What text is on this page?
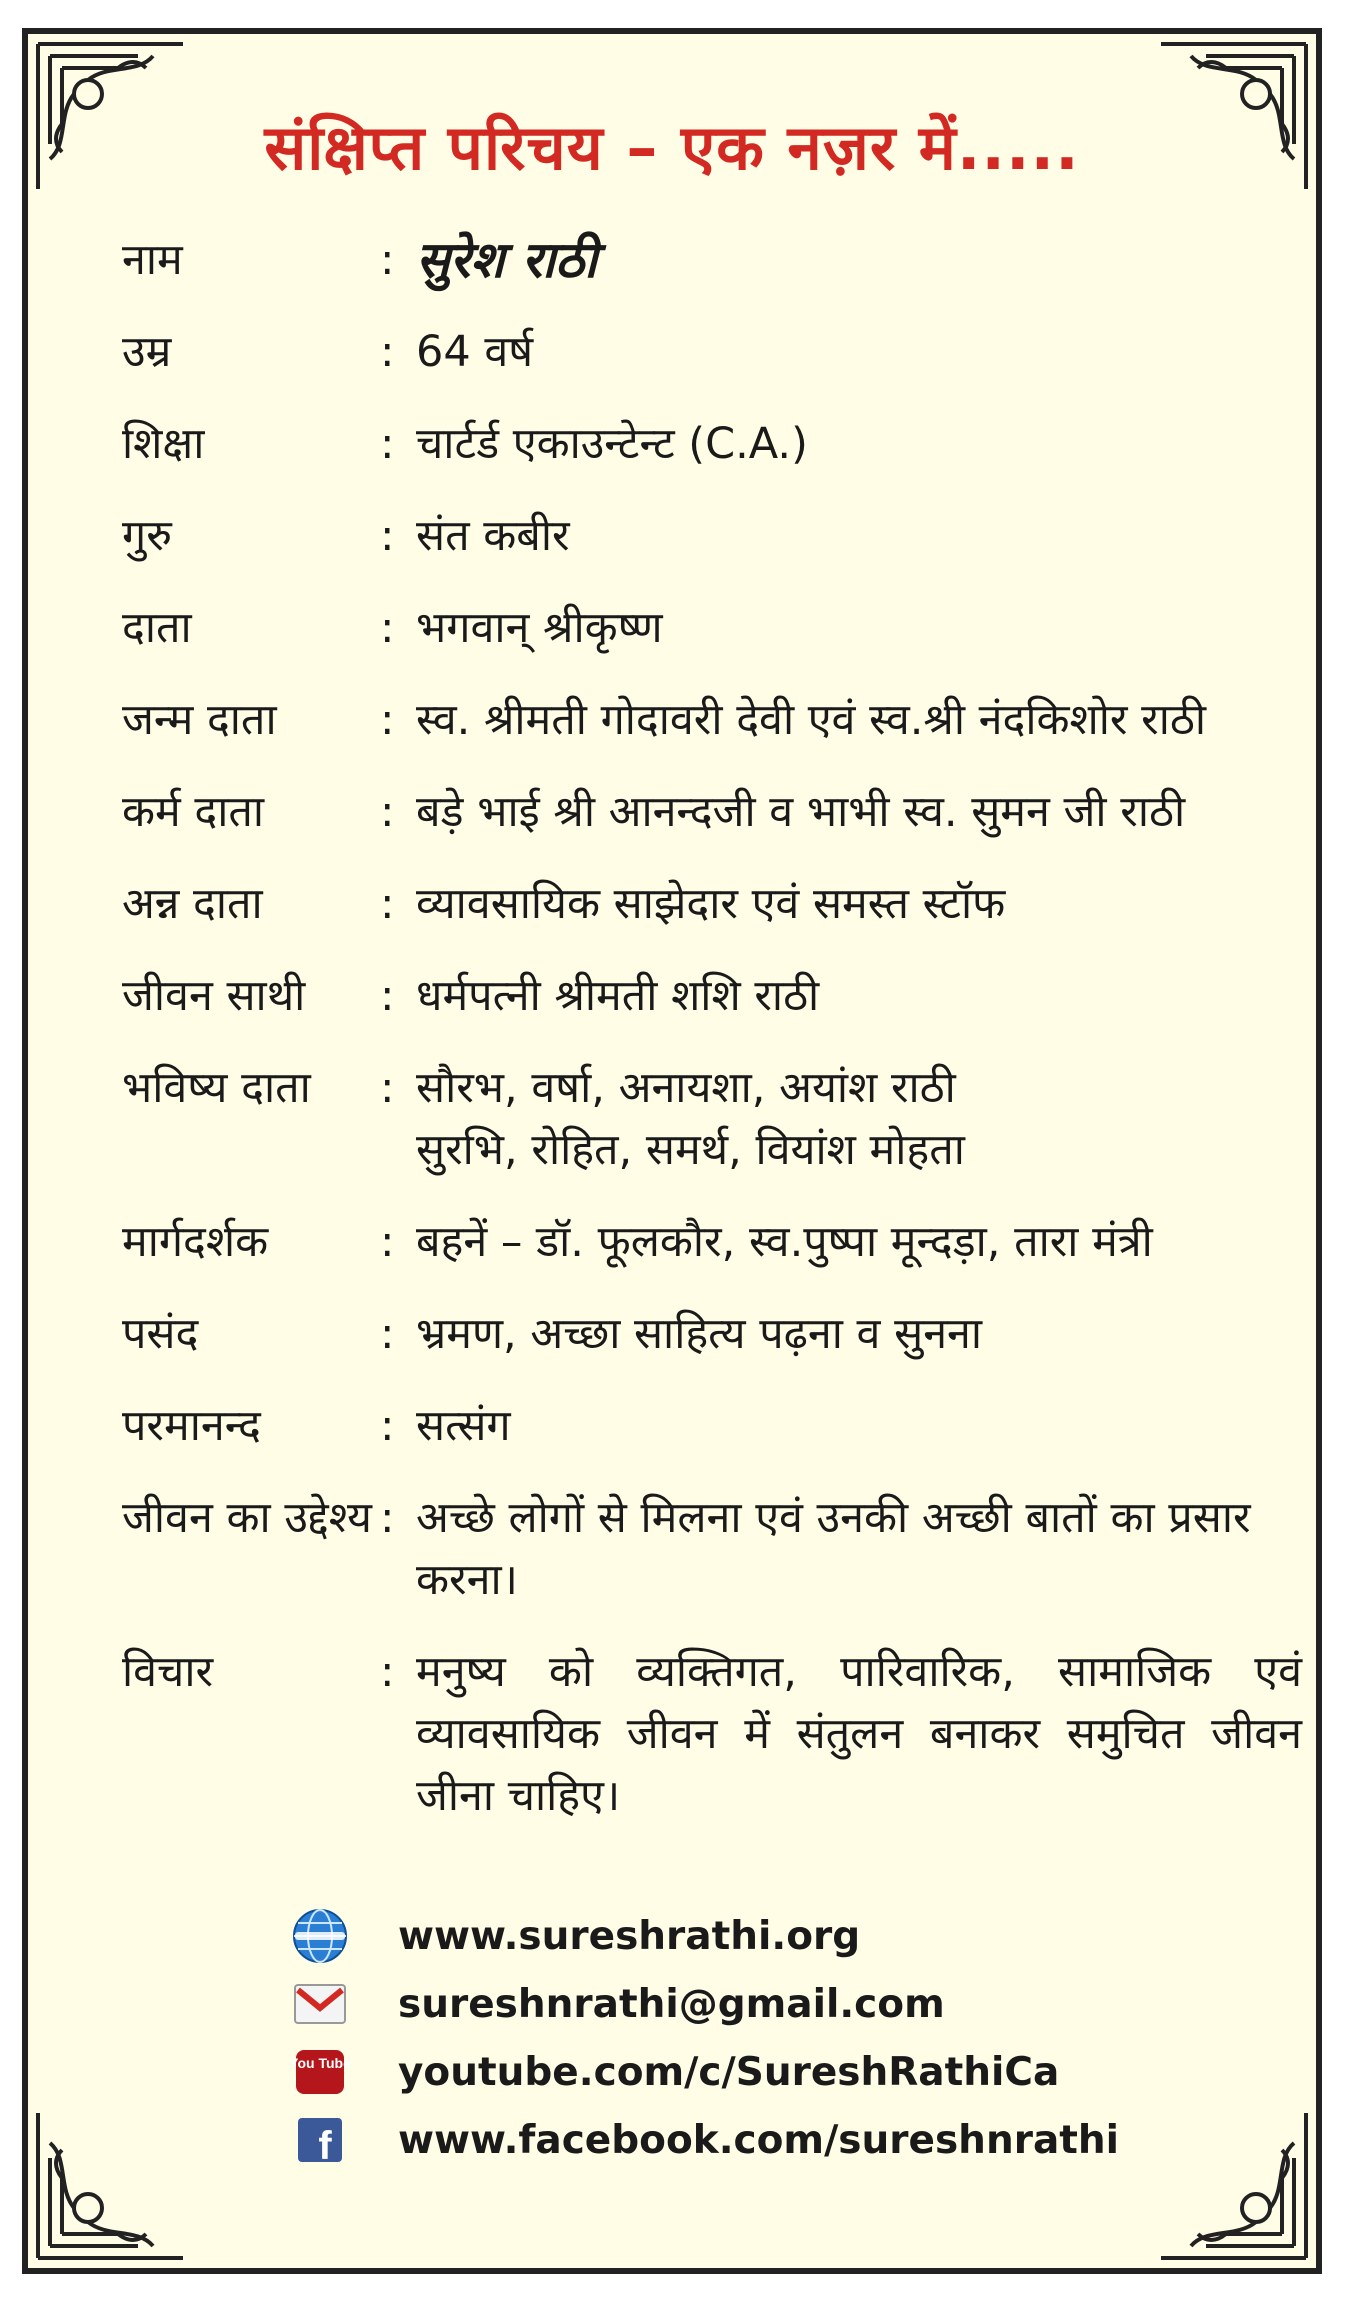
संक्षिप्त परिचय – एक नज़र में.....
नाम	: सुरेश राठी
उम्र	: 64 वर्ष
शिक्षा	: चार्टर्ड एकाउन्टेन्ट (C.A.)
गुरु	: संत कबीर
दाता	: भगवान् श्रीकृष्ण
जन्म दाता	: स्व. श्रीमती गोदावरी देवी एवं स्व.श्री नंदकिशोर राठी
कर्म दाता	: बड़े भाई श्री आनन्दजी व भाभी स्व. सुमन जी राठी
अन्न दाता	: व्यावसायिक साझेदार एवं समस्त स्टॉफ
जीवन साथी	: धर्मपत्नी श्रीमती शशि राठी
भविष्य दाता	: सौरभ, वर्षा, अनायशा, अयांश राठी
सुरभि, रोहित, समर्थ, वियांश मोहता
मार्गदर्शक	: बहनें – डॉ. फूलकौर, स्व.पुष्पा मून्दड़ा, तारा मंत्री
पसंद	: भ्रमण, अच्छा साहित्य पढ़ना व सुनना
परमानन्द	: सत्संग
जीवन का उद्देश्य : अच्छे लोगों से मिलना एवं उनकी अच्छी बातों का प्रसार करना।
विचार	: मनुष्य को व्यक्तिगत, पारिवारिक, सामाजिक एवं व्यावसायिक जीवन में संतुलन बनाकर समुचित जीवन जीना चाहिए।
www.sureshrathi.org
sureshnrathi@gmail.com
You Tube youtube.com/c/SureshRathiCa
f www.facebook.com/sureshnrathi
